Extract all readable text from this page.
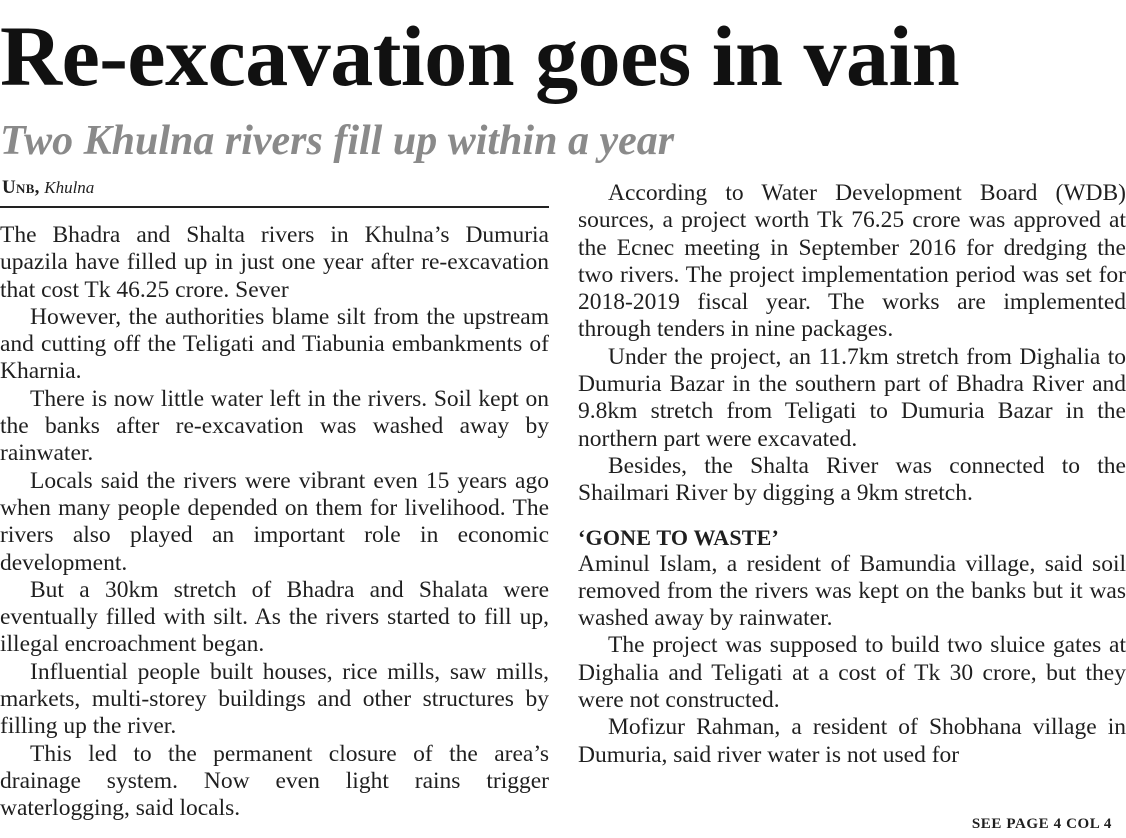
Re-excavation goes in vain
Two Khulna rivers fill up within a year
Unb, Khulna

The Bhadra and Shalta rivers in Khulna’s Dumuria upazila have filled up in just one year after re-excavation that cost Tk 46.25 crore. Sever

However, the authorities blame silt from the upstream and cutting off the Teligati and Tiabunia embankments of Kharnia.

There is now little water left in the rivers. Soil kept on the banks after re-excavation was washed away by rainwater.

Locals said the rivers were vibrant even 15 years ago when many people depended on them for livelihood. The rivers also played an important role in economic development.

But a 30km stretch of Bhadra and Shalata were eventually filled with silt. As the rivers started to fill up, illegal encroachment began.

Influential people built houses, rice mills, saw mills, markets, multi-storey buildings and other structures by filling up the river.

This led to the permanent closure of the area’s drainage system. Now even light rains trigger waterlogging, said locals.

According to Water Development Board (WDB) sources, a project worth Tk 76.25 crore was approved at the Ecnec meeting in September 2016 for dredging the two rivers. The project implementation period was set for 2018-2019 fiscal year. The works are implemented through tenders in nine packages.

Under the project, an 11.7km stretch from Dighalia to Dumuria Bazar in the southern part of Bhadra River and 9.8km stretch from Teligati to Dumuria Bazar in the northern part were excavated.

Besides, the Shalta River was connected to the Shailmari River by digging a 9km stretch.

‘GONE TO WASTE’

Aminul Islam, a resident of Bamundia village, said soil removed from the rivers was kept on the banks but it was washed away by rainwater.

The project was supposed to build two sluice gates at Dighalia and Teligati at a cost of Tk 30 crore, but they were not constructed.

Mofizur Rahman, a resident of Shobhana village in Dumuria, said river water is not used for

SEE PAGE 4 COL 4
